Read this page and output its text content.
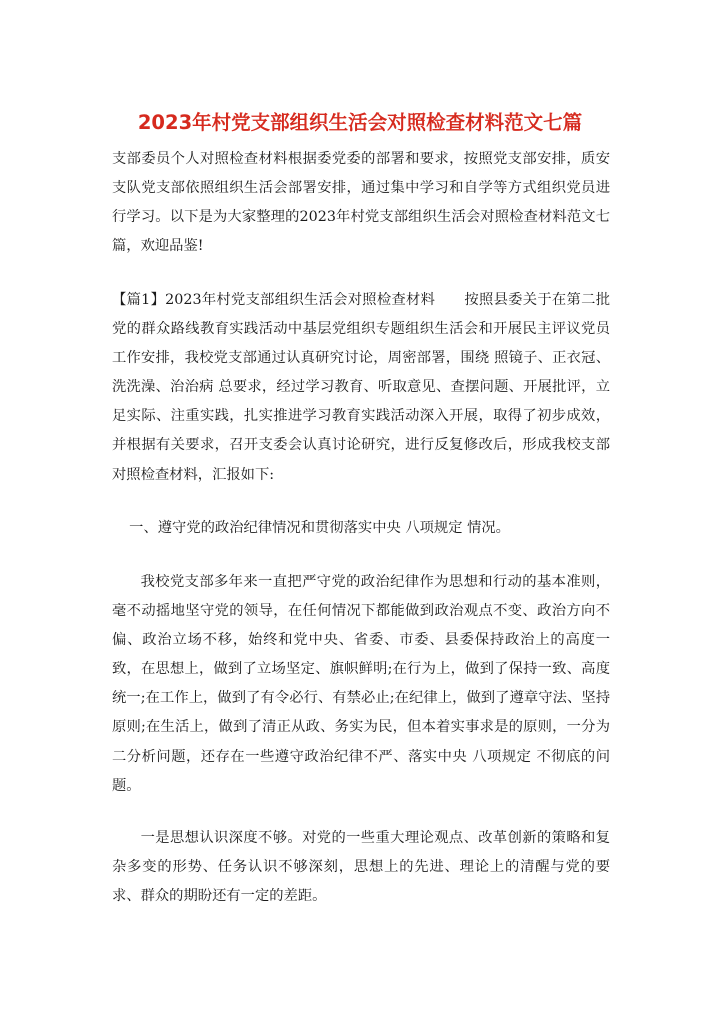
2023年村党支部组织生活会对照检查材料范文七篇

支部委员个人对照检查材料根据委党委的部署和要求，按照党支部安排，质安支队党支部依照组织生活会部署安排，通过集中学习和自学等方式组织党员进行学习。以下是为大家整理的2023年村党支部组织生活会对照检查材料范文七篇，欢迎品鉴!

【篇1】2023年村党支部组织生活会对照检查材料　　按照县委关于在第二批党的群众路线教育实践活动中基层党组织专题组织生活会和开展民主评议党员工作安排，我校党支部通过认真研究讨论，周密部署，围绕 照镜子、正衣冠、洗洗澡、治治病 总要求，经过学习教育、听取意见、查摆问题、开展批评，立足实际、注重实践，扎实推进学习教育实践活动深入开展，取得了初步成效，并根据有关要求，召开支委会认真讨论研究，进行反复修改后，形成我校支部对照检查材料，汇报如下:

一、遵守党的政治纪律情况和贯彻落实中央 八项规定 情况。

我校党支部多年来一直把严守党的政治纪律作为思想和行动的基本准则，毫不动摇地坚守党的领导，在任何情况下都能做到政治观点不变、政治方向不偏、政治立场不移，始终和党中央、省委、市委、县委保持政治上的高度一致，在思想上，做到了立场坚定、旗帜鲜明;在行为上，做到了保持一致、高度统一;在工作上，做到了有令必行、有禁必止;在纪律上，做到了遵章守法、坚持原则;在生活上，做到了清正从政、务实为民，但本着实事求是的原则，一分为二分析问题，还存在一些遵守政治纪律不严、落实中央 八项规定 不彻底的问题。

一是思想认识深度不够。对党的一些重大理论观点、改革创新的策略和复杂多变的形势、任务认识不够深刻，思想上的先进、理论上的清醒与党的要求、群众的期盼还有一定的差距。
